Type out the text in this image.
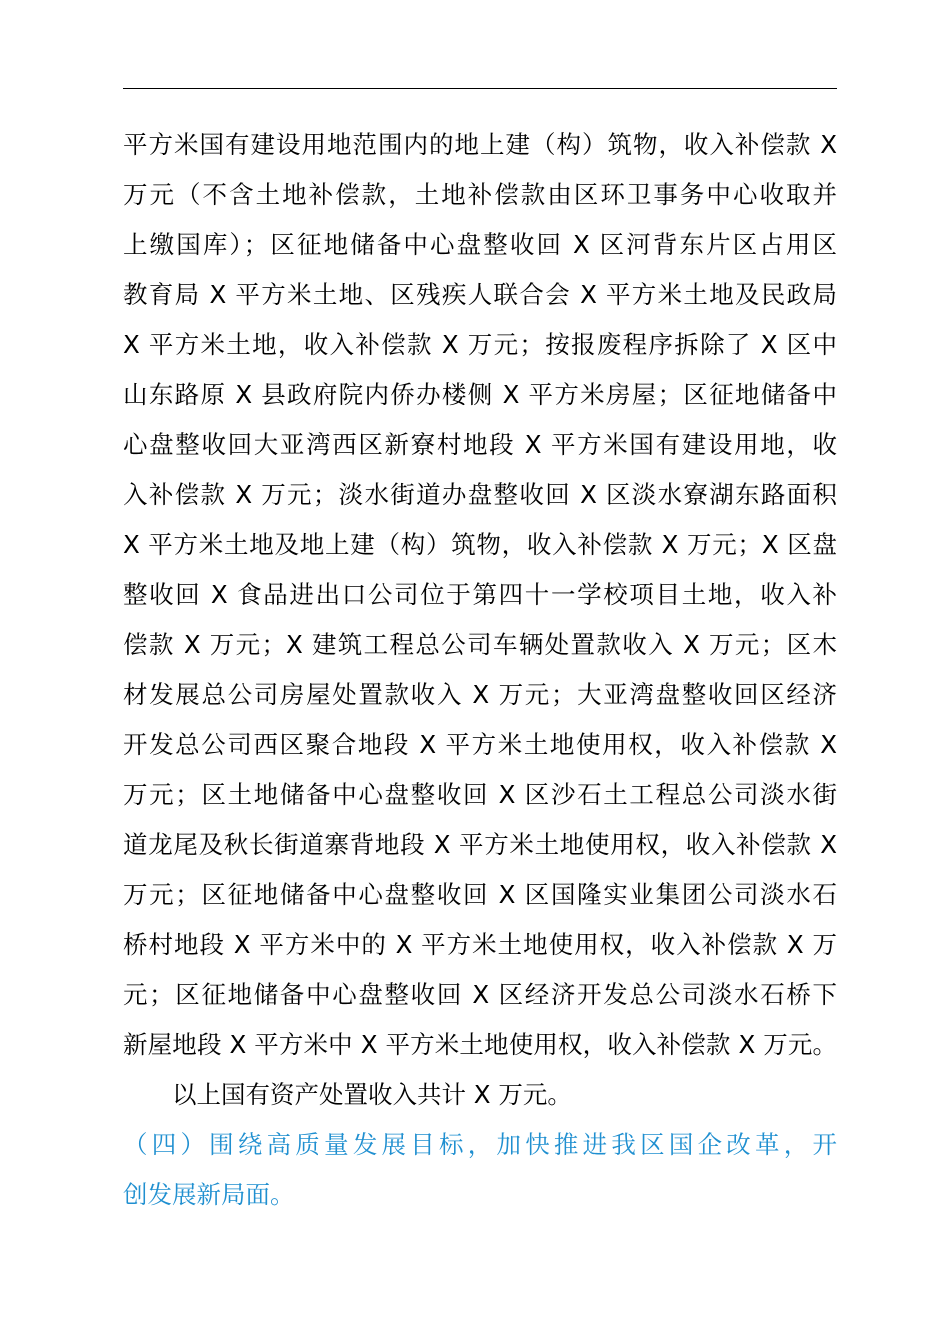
平方米国有建设用地范围内的地上建（构）筑物，收入补偿款 X
万元（不含土地补偿款，土地补偿款由区环卫事务中心收取并
上缴国库）；区征地储备中心盘整收回 X 区河背东片区占用区
教育局 X 平方米土地、区残疾人联合会 X 平方米土地及民政局
X 平方米土地，收入补偿款 X 万元；按报废程序拆除了 X 区中
山东路原 X 县政府院内侨办楼侧 X 平方米房屋；区征地储备中
心盘整收回大亚湾西区新寮村地段 X 平方米国有建设用地，收
入补偿款 X 万元；淡水街道办盘整收回 X 区淡水寮湖东路面积
X 平方米土地及地上建（构）筑物，收入补偿款 X 万元；X 区盘
整收回 X 食品进出口公司位于第四十一学校项目土地，收入补
偿款 X 万元；X 建筑工程总公司车辆处置款收入 X 万元；区木
材发展总公司房屋处置款收入 X 万元；大亚湾盘整收回区经济
开发总公司西区聚合地段 X 平方米土地使用权，收入补偿款 X
万元；区土地储备中心盘整收回 X 区沙石土工程总公司淡水街
道龙尾及秋长街道寨背地段 X 平方米土地使用权，收入补偿款 X
万元；区征地储备中心盘整收回 X 区国隆实业集团公司淡水石
桥村地段 X 平方米中的 X 平方米土地使用权，收入补偿款 X 万
元；区征地储备中心盘整收回 X 区经济开发总公司淡水石桥下
新屋地段 X 平方米中 X 平方米土地使用权，收入补偿款 X 万元。
以上国有资产处置收入共计 X 万元。
（四）围绕高质量发展目标，加快推进我区国企改革，开
创发展新局面。
